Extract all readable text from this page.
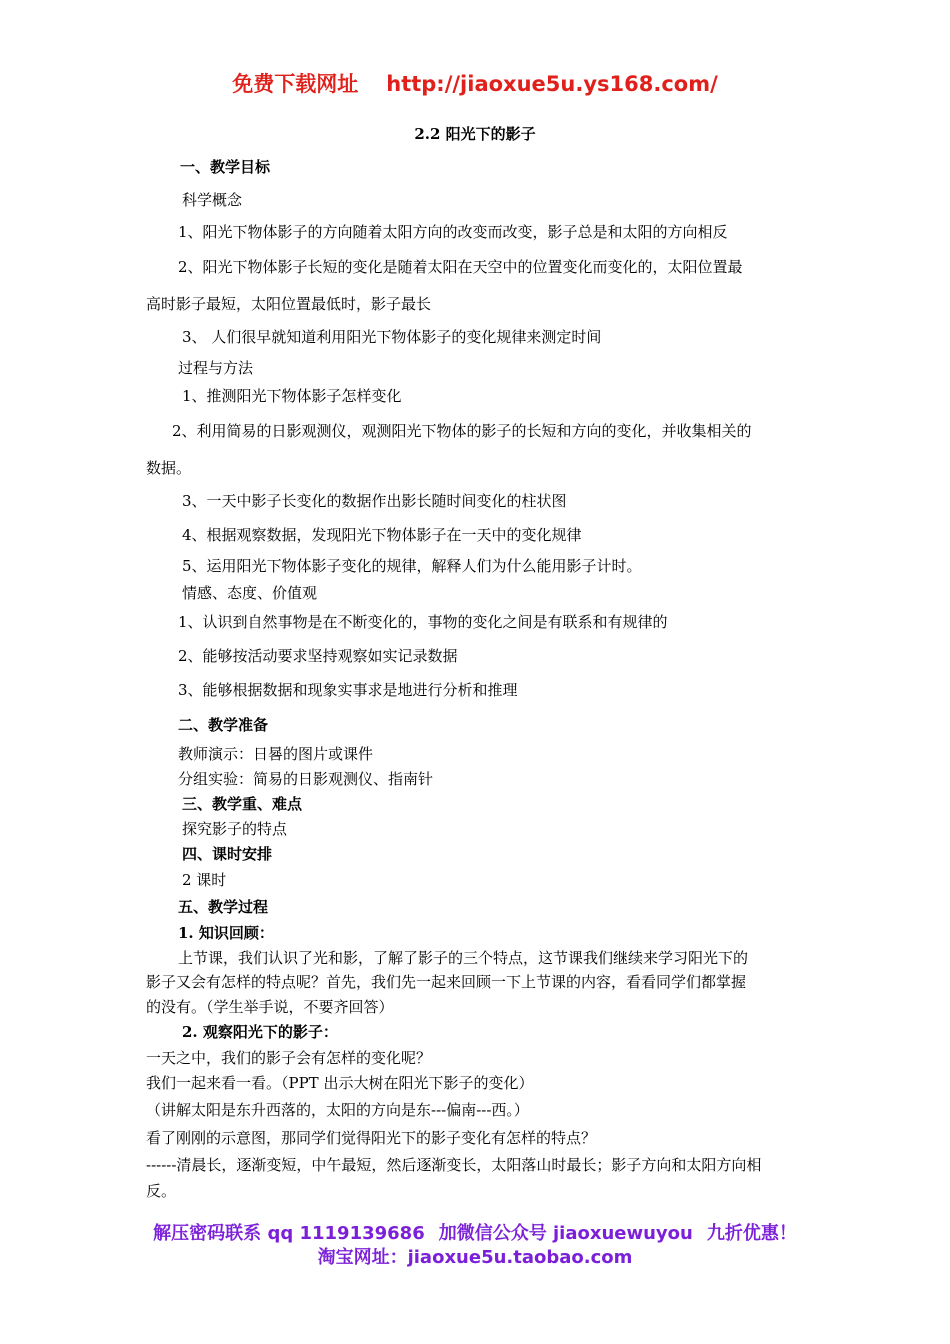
免费下载网址 http://jiaoxue5u.ys168.com/
2.2 阳光下的影子
一、教学目标
科学概念
1、阳光下物体影子的方向随着太阳方向的改变而改变，影子总是和太阳的方向相反
2、阳光下物体影子长短的变化是随着太阳在天空中的位置变化而变化的，太阳位置最
高时影子最短，太阳位置最低时，影子最长
3、 人们很早就知道利用阳光下物体影子的变化规律来测定时间
过程与方法
1、推测阳光下物体影子怎样变化
2、利用简易的日影观测仪，观测阳光下物体的影子的长短和方向的变化，并收集相关的
数据。
3、一天中影子长变化的数据作出影长随时间变化的柱状图
4、根据观察数据，发现阳光下物体影子在一天中的变化规律
5、运用阳光下物体影子变化的规律，解释人们为什么能用影子计时。
情感、态度、价值观
1、认识到自然事物是在不断变化的，事物的变化之间是有联系和有规律的
2、能够按活动要求坚持观察如实记录数据
3、能够根据数据和现象实事求是地进行分析和推理
二、教学准备
教师演示：日晷的图片或课件
分组实验：简易的日影观测仪、指南针
三、教学重、难点
探究影子的特点
四、课时安排
2 课时
五、教学过程
1. 知识回顾：
上节课，我们认识了光和影，了解了影子的三个特点，这节课我们继续来学习阳光下的
影子又会有怎样的特点呢？首先，我们先一起来回顾一下上节课的内容，看看同学们都掌握
的没有。（学生举手说，不要齐回答）
2. 观察阳光下的影子：
一天之中，我们的影子会有怎样的变化呢？
我们一起来看一看。（PPT 出示大树在阳光下影子的变化）
（讲解太阳是东升西落的，太阳的方向是东---偏南---西。）
看了刚刚的示意图，那同学们觉得阳光下的影子变化有怎样的特点？
------清晨长，逐渐变短，中午最短，然后逐渐变长，太阳落山时最长；影子方向和太阳方向相
反。
解压密码联系 qq 1119139686 加微信公众号 jiaoxuewuyou 九折优惠！
淘宝网址：jiaoxue5u.taobao.com
